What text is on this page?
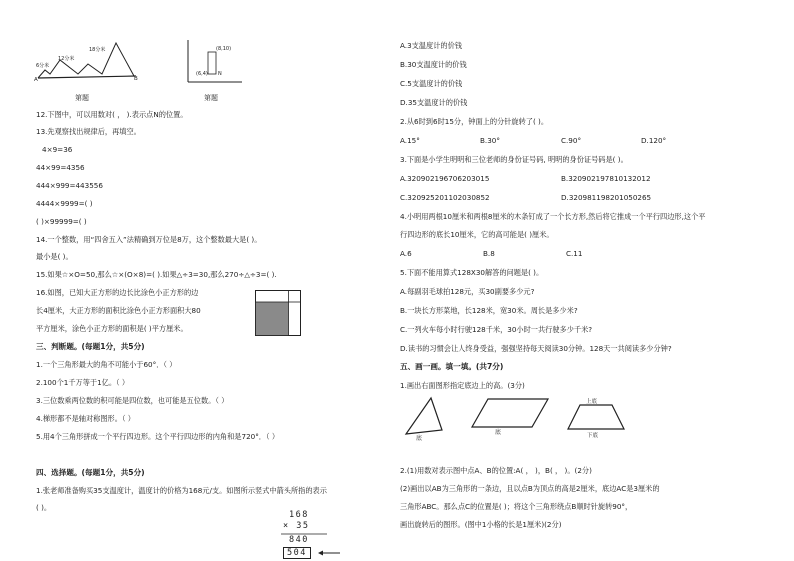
6分米
12分米
18分米
A	B
第题
(8,10)
(6,4) N
第题
12.下图中，可以用数对( ， ).表示点N的位置。
13.先观察找出规律后，再填空。
4×9=36
44×99=4356
444×999=443556
4444×9999=( )
( )×99999=( )
14.一个整数，用“四舍五入”法精确到万位是8万，这个整数最大是( )。
最小是( )。
15.如果☆×O=50,那么☆×(O×8)=( ).如果△÷3=30,那么270÷△÷3=( ).
16.如图，已知大正方形的边长比涂色小正方形的边
长4厘米，大正方形的面积比涂色小正方形面积大80
平方厘米，涂色小正方形的面积是( )平方厘米。
三、判断题。(每题1分，共5分)
1.一个三角形最大的角不可能小于60°．（ ）
2.100个1千万等于1亿。（ ）
3.三位数乘两位数的积可能是四位数，也可能是五位数。（ ）
4.梯形都不是轴对称图形。（ ）
5.用4个三角形拼成一个平行四边形。这个平行四边形的内角和是720°．（ ）
四、选择题。(每题1分，共5分)
1.张老师准备购买35支温度计，温度计的价格为168元/支。如图所示竖式中箭头所指的表示
( )。
168
× 35
840
504
A.3支温度计的价钱
B.30支温度计的价钱
C.5支温度计的价钱
D.35支温度计的价钱
2.从6时到6时15分，钟面上的分针旋转了( )。
A.15°	B.30°	C.90°	D.120°
3.下面是小学生明明和三位老师的身份证号码, 明明的身份证号码是( )。
A.320902196706203015	B.320902197810132012
C.320925201102030852	D.320981198201050265
4.小明用两根10厘米和两根8厘米的木条钉成了一个长方形,然后将它推成一个平行四边形,这个平
行四边形的底长10厘米，它的高可能是( )厘米。
A.6	B.8	C.11
5.下面不能用算式128X30解答的问题是( )。
A.每副羽毛球拍128元，买30副要多少元?
B.一块长方形菜地，长128米，宽30米。周长是多少米?
C.一列火车每小时行驶128千米，30小时一共行驶多少千米?
D.读书的习惯会让人终身受益，强强坚持每天阅读30分钟。128天一共阅读多少分钟?
五、画一画。填一填。(共7分)
1.画出右面图形指定底边上的高。(3分)
底
底
上底
下底
2.(1)用数对表示图中点A、B的位置:A( ， )，B( ， )。(2分)
(2)画出以AB为三角形的一条边，且以点B为顶点的高是2厘米，底边AC是3厘米的
三角形ABC。那么点C的位置是( )；将这个三角形绕点B顺时针旋转90°，
画出旋转后的图形。(图中1小格的长是1厘米)(2分)
